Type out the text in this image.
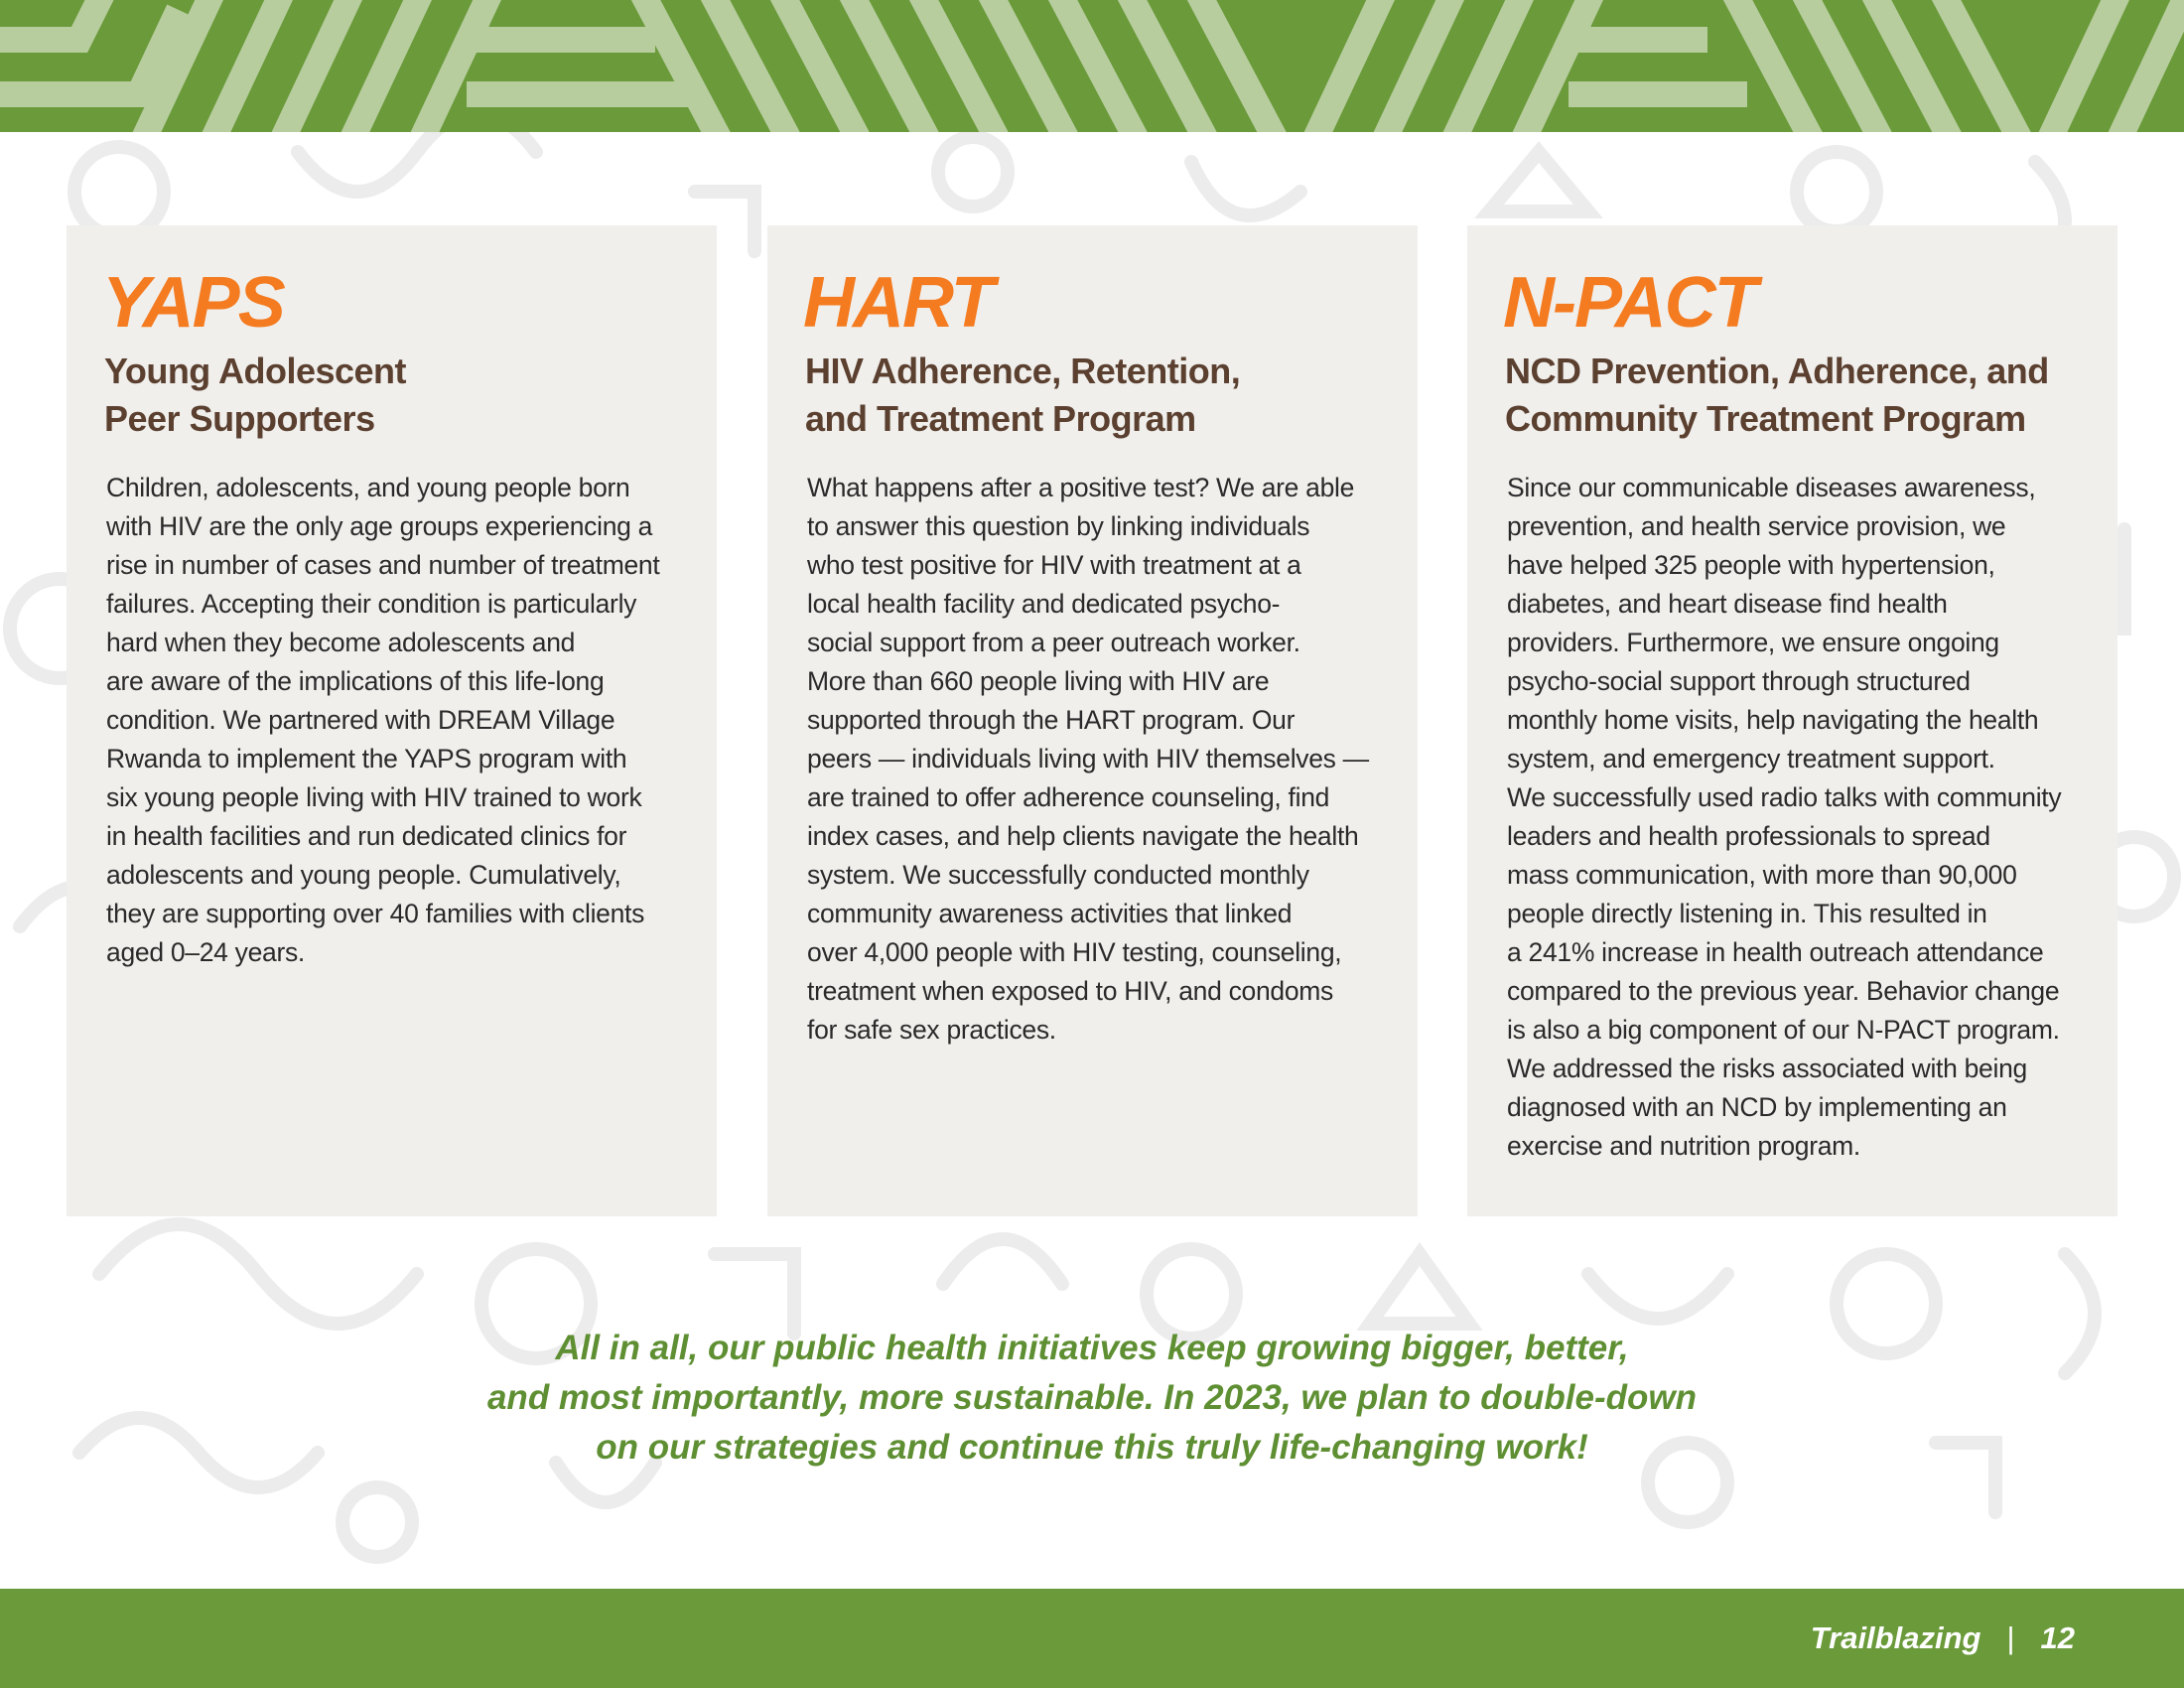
YAPS
Young Adolescent
Peer Supporters
Children, adolescents, and young people born
with HIV are the only age groups experiencing a
rise in number of cases and number of treatment
failures. Accepting their condition is particularly
hard when they become adolescents and
are aware of the implications of this life-long
condition. We partnered with DREAM Village
Rwanda to implement the YAPS program with
six young people living with HIV trained to work
in health facilities and run dedicated clinics for
adolescents and young people. Cumulatively,
they are supporting over 40 families with clients
aged 0–24 years.
HART
HIV Adherence, Retention,
and Treatment Program
What happens after a positive test? We are able
to answer this question by linking individuals
who test positive for HIV with treatment at a
local health facility and dedicated psycho-
social support from a peer outreach worker.
More than 660 people living with HIV are
supported through the HART program. Our
peers — individuals living with HIV themselves —
are trained to offer adherence counseling, find
index cases, and help clients navigate the health
system. We successfully conducted monthly
community awareness activities that linked
over 4,000 people with HIV testing, counseling,
treatment when exposed to HIV, and condoms
for safe sex practices.
N-PACT
NCD Prevention, Adherence, and
Community Treatment Program
Since our communicable diseases awareness,
prevention, and health service provision, we
have helped 325 people with hypertension,
diabetes, and heart disease find health
providers. Furthermore, we ensure ongoing
psycho-social support through structured
monthly home visits, help navigating the health
system, and emergency treatment support.
We successfully used radio talks with community
leaders and health professionals to spread
mass communication, with more than 90,000
people directly listening in. This resulted in
a 241% increase in health outreach attendance
compared to the previous year. Behavior change
is also a big component of our N-PACT program.
We addressed the risks associated with being
diagnosed with an NCD by implementing an
exercise and nutrition program.

All in all, our public health initiatives keep growing bigger, better,
and most importantly, more sustainable. In 2023, we plan to double-down
on our strategies and continue this truly life-changing work!

Trailblazing | 12
